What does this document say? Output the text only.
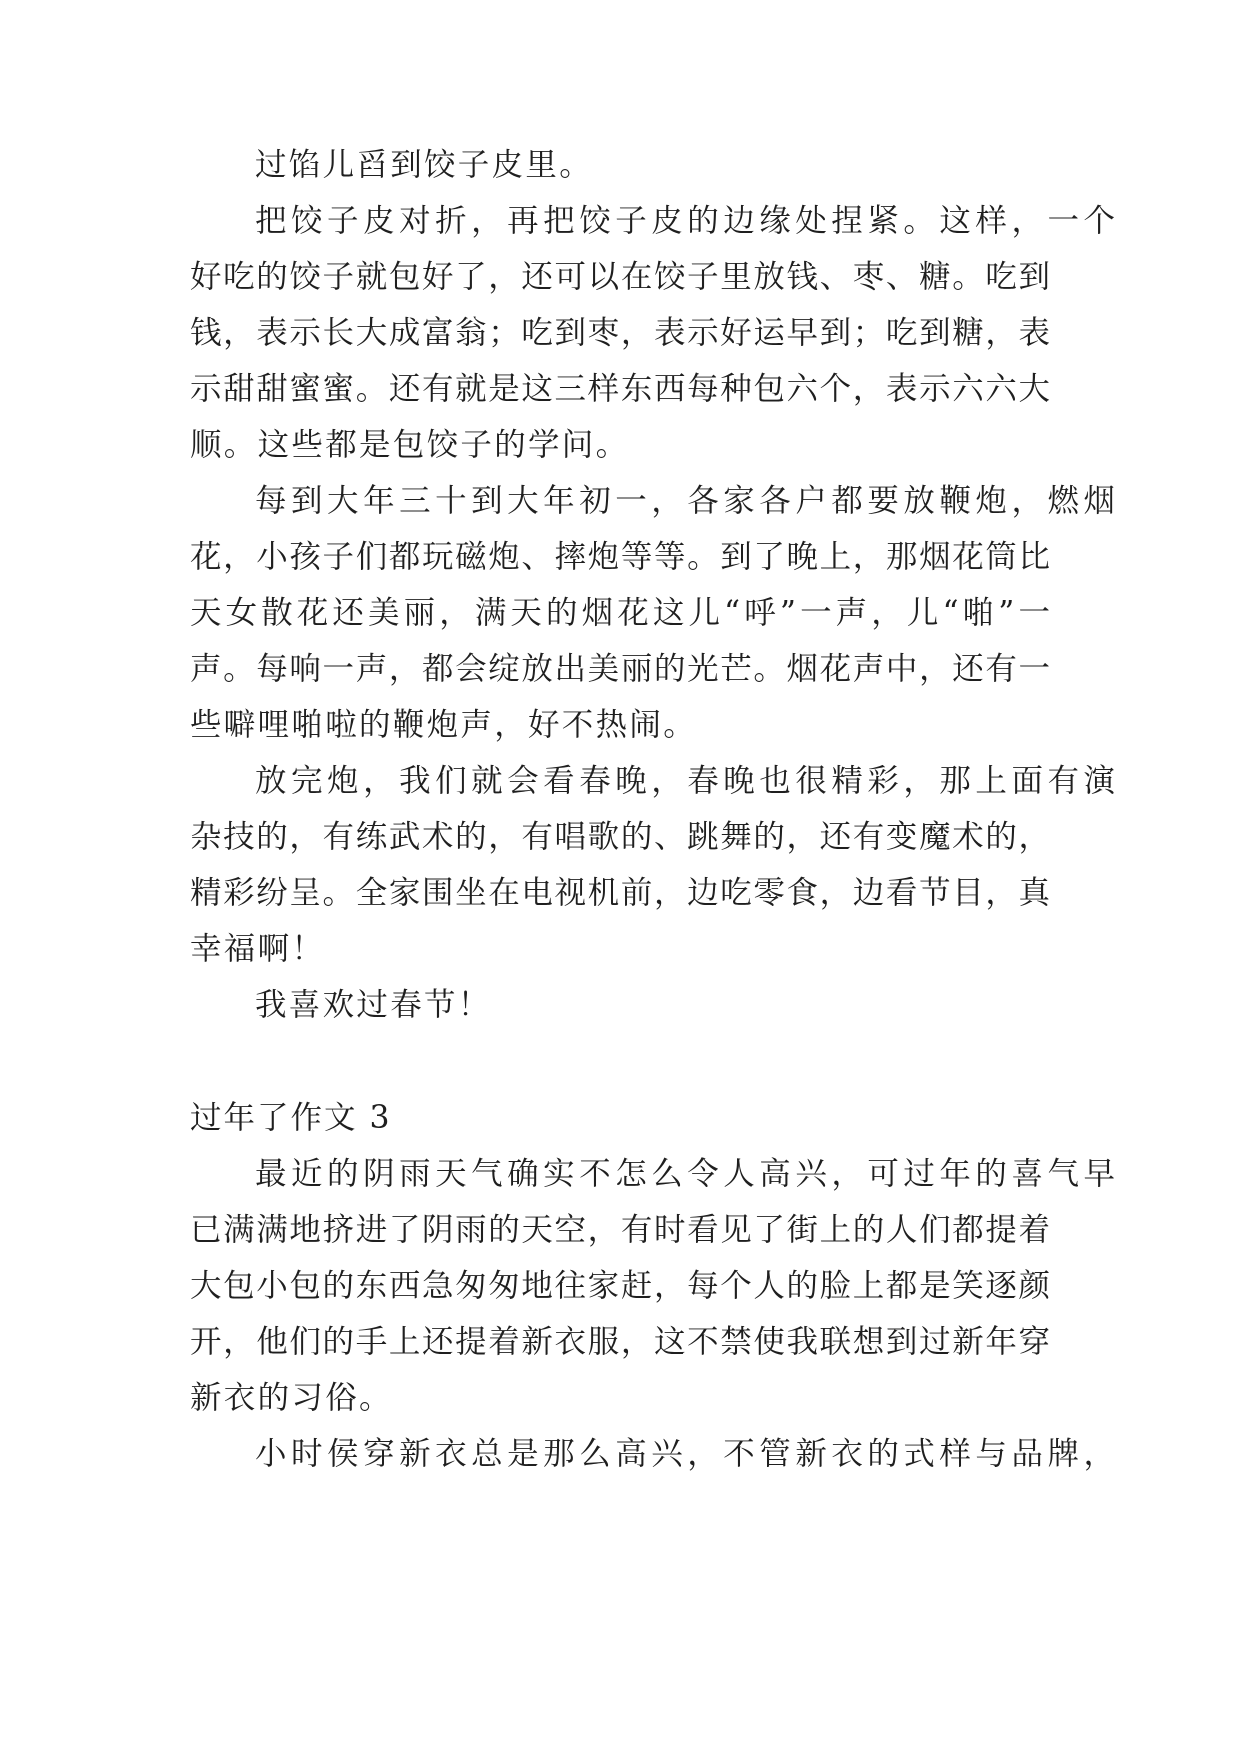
过馅儿舀到饺子皮里。
把饺子皮对折，再把饺子皮的边缘处捏紧。这样，一个
好吃的饺子就包好了，还可以在饺子里放钱、枣、糖。吃到
钱，表示长大成富翁；吃到枣，表示好运早到；吃到糖，表
示甜甜蜜蜜。还有就是这三样东西每种包六个，表示六六大
顺。这些都是包饺子的学问。
每到大年三十到大年初一，各家各户都要放鞭炮，燃烟
花，小孩子们都玩磁炮、摔炮等等。到了晚上，那烟花筒比
天女散花还美丽，满天的烟花这儿“呼”一声，儿“啪”一
声。每响一声，都会绽放出美丽的光芒。烟花声中，还有一
些噼哩啪啦的鞭炮声，好不热闹。
放完炮，我们就会看春晚，春晚也很精彩，那上面有演
杂技的，有练武术的，有唱歌的、跳舞的，还有变魔术的，
精彩纷呈。全家围坐在电视机前，边吃零食，边看节目，真
幸福啊！
我喜欢过春节！
过年了作文 3
最近的阴雨天气确实不怎么令人高兴，可过年的喜气早
已满满地挤进了阴雨的天空，有时看见了街上的人们都提着
大包小包的东西急匆匆地往家赶，每个人的脸上都是笑逐颜
开，他们的手上还提着新衣服，这不禁使我联想到过新年穿
新衣的习俗。
小时侯穿新衣总是那么高兴，不管新衣的式样与品牌，
